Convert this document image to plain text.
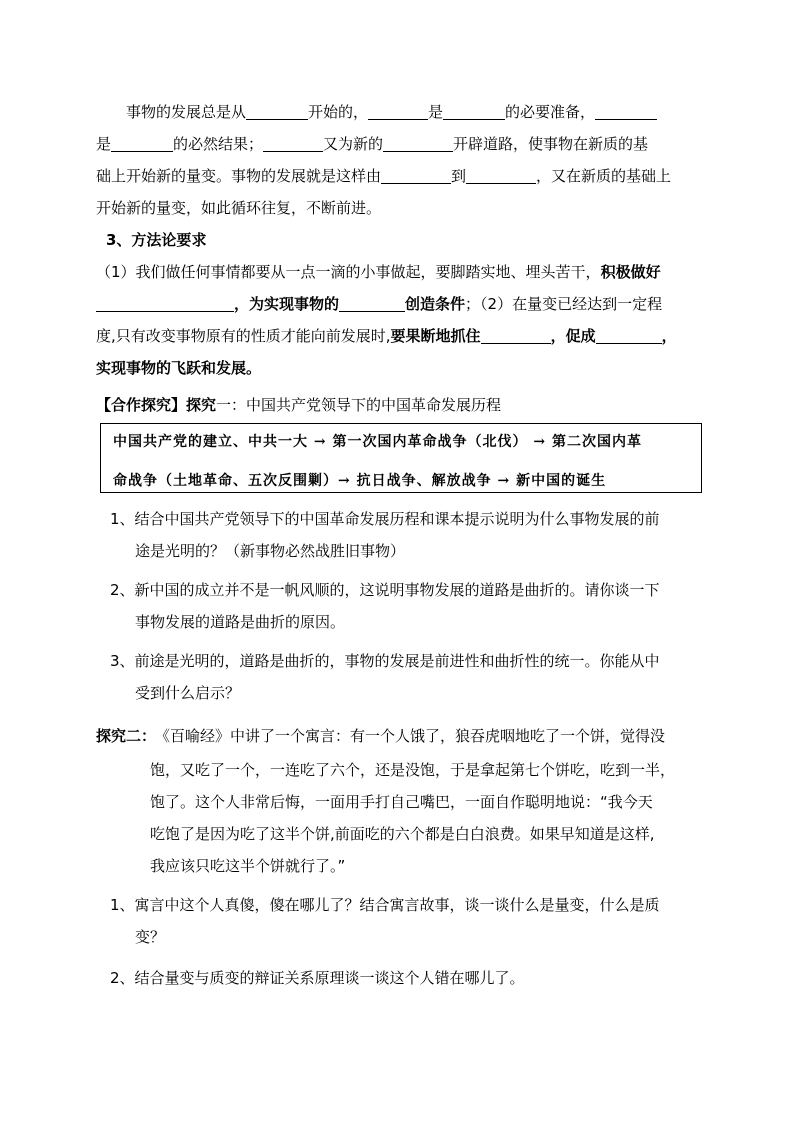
事物的发展总是从	开始的，	是	的必要准备，
是	的必然结果；	又为新的	开辟道路，使事物在新质的基
础上开始新的量变。事物的发展就是这样由	到	，又在新质的基础上
开始新的量变，如此循环往复，不断前进。
3、方法论要求
（1）我们做任何事情都要从一点一滴的小事做起，要脚踏实地、埋头苦干，积极做好
，为实现事物的	创造条件；（2）在量变已经达到一定程
度,只有改变事物原有的性质才能向前发展时,要果断地抓住	，促成	，
实现事物的飞跃和发展。
【合作探究】探究一：中国共产党领导下的中国革命发展历程
中国共产党的建立、中共一大 → 第一次国内革命战争（北伐） → 第二次国内革
命战争（土地革命、五次反围剿）→ 抗日战争、解放战争 → 新中国的诞生
1、结合中国共产党领导下的中国革命发展历程和课本提示说明为什么事物发展的前
途是光明的？（新事物必然战胜旧事物）
2、新中国的成立并不是一帆风顺的，这说明事物发展的道路是曲折的。请你谈一下
事物发展的道路是曲折的原因。
3、前途是光明的，道路是曲折的，事物的发展是前进性和曲折性的统一。你能从中
受到什么启示？
探究二：
《百喻经》中讲了一个寓言：有一个人饿了，狼吞虎咽地吃了一个饼，觉得没
饱，又吃了一个，一连吃了六个，还是没饱，于是拿起第七个饼吃，吃到一半，
饱了。这个人非常后悔，一面用手打自己嘴巴，一面自作聪明地说：“我今天
吃饱了是因为吃了这半个饼,前面吃的六个都是白白浪费。如果早知道是这样,
我应该只吃这半个饼就行了。”
1、寓言中这个人真傻，傻在哪儿了？结合寓言故事，谈一谈什么是量变，什么是质
变？
2、结合量变与质变的辩证关系原理谈一谈这个人错在哪儿了。
